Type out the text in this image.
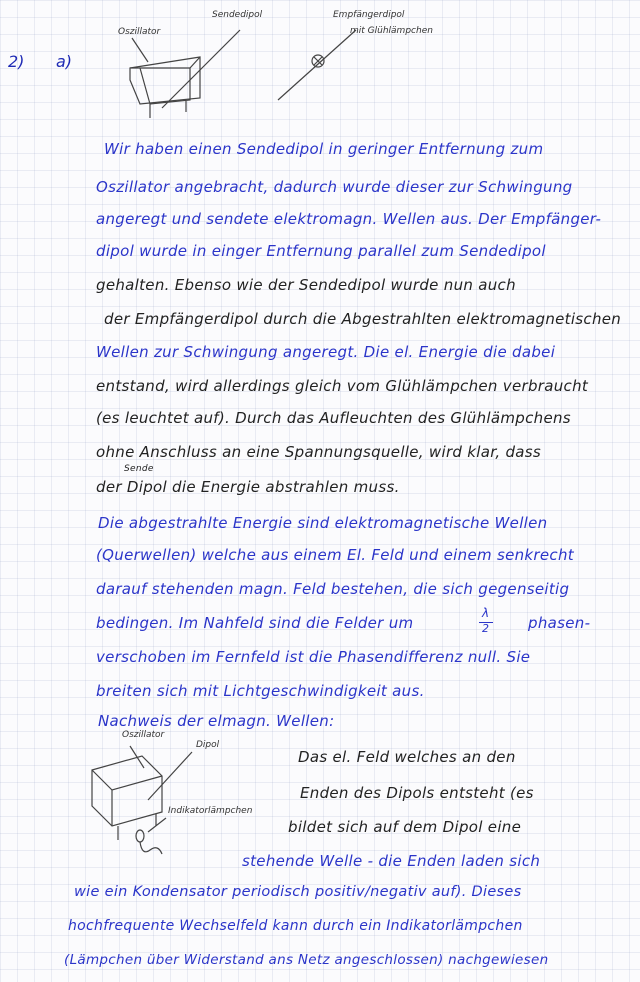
2) a)
Oszillator
Sendedipol	Empfängerdipol
mit Glühlämpchen
Wir haben einen Sendedipol in geringer Entfernung zum
Oszillator angebracht, dadurch wurde dieser zur Schwingung
angeregt und sendete elektromagn. Wellen aus. Der Empfänger-
dipol wurde in einger Entfernung parallel zum Sendedipol
gehalten. Ebenso wie der Sendedipol wurde nun auch
der Empfängerdipol durch die Abgestrahlten elektromagnetischen
Wellen zur Schwingung angeregt. Die el. Energie die dabei
entstand, wird allerdings gleich vom Glühlämpchen verbraucht
(es leuchtet auf). Durch das Aufleuchten des Glühlämpchens
ohne Anschluss an eine Spannungsquelle, wird klar, dass
Sende
der Dipol die Energie abstrahlen muss.
Die abgestrahlte Energie sind elektromagnetische Wellen
(Querwellen) welche aus einem El. Feld und einem senkrecht
darauf stehenden magn. Feld bestehen, die sich gegenseitig
bedingen. Im Nahfeld sind die Felder um
λ
2	phasen-
verschoben im Fernfeld ist die Phasendifferenz null. Sie
breiten sich mit Lichtgeschwindigkeit aus.
Nachweis der elmagn. Wellen:
Oszillator
Dipol
Indikatorlämpchen
Das el. Feld welches an den
Enden des Dipols entsteht (es
bildet sich auf dem Dipol eine
stehende Welle - die Enden laden sich
wie ein Kondensator periodisch positiv/negativ auf). Dieses
hochfrequente Wechselfeld kann durch ein Indikatorlämpchen
(Lämpchen über Widerstand ans Netz angeschlossen) nachgewiesen
